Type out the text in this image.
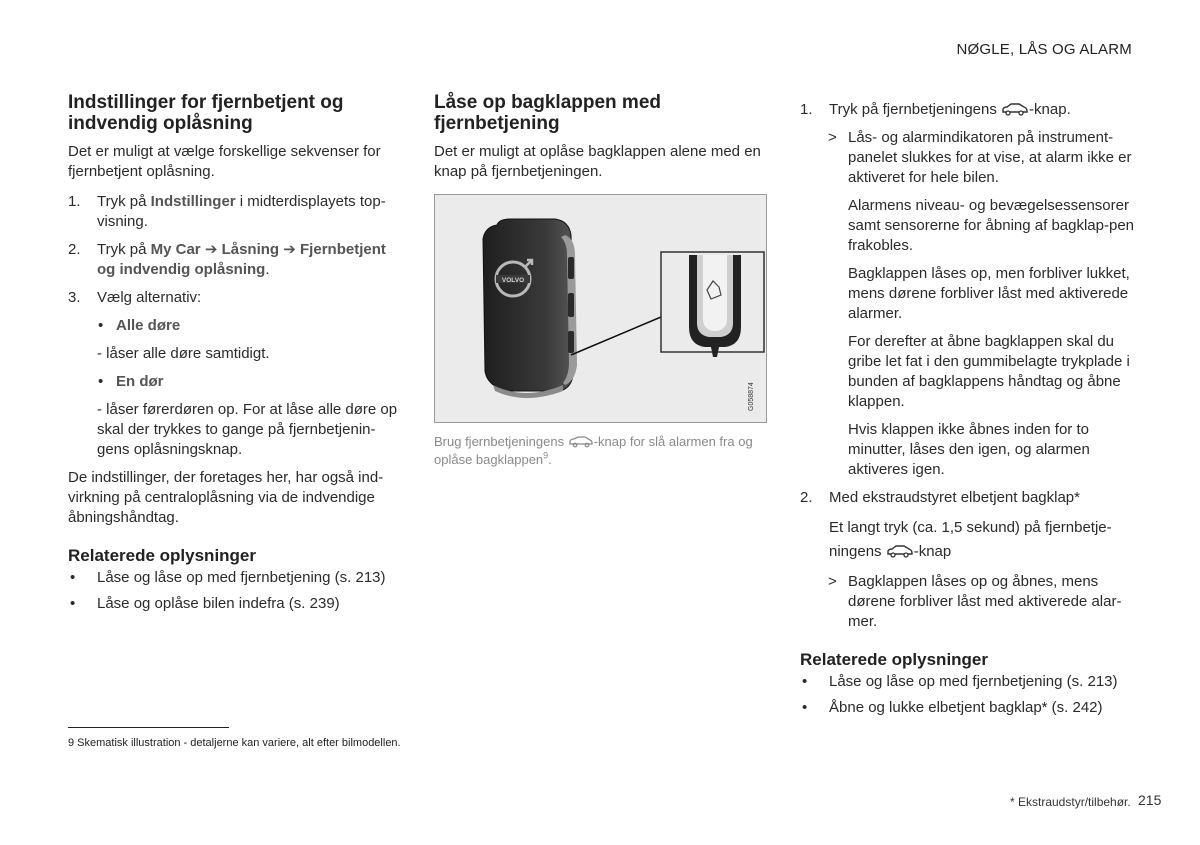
NØGLE, LÅS OG ALARM
Indstillinger for fjernbetjent og indvendig oplåsning

Det er muligt at vælge forskellige sekvenser for fjernbetjent oplåsning.

1. Tryk på Indstillinger i midterdisplayets top-visning.
2. Tryk på My Car ➔ Låsning ➔ Fjernbetjent og indvendig oplåsning.
3. Vælg alternativ:
• Alle døre

- låser alle døre samtidigt.

• En dør

- låser førerdøren op. For at låse alle døre op skal der trykkes to gange på fjernbetjenin-gens oplåsningsknap.

De indstillinger, der foretages her, har også ind-virkning på centraloplåsning via de indvendige åbningshåndtag.

Relaterede oplysninger
• Låse og låse op med fjernbetjening (s. 213)
• Låse og oplåse bilen indefra (s. 239)
Låse op bagklappen med fjernbetjening

Det er muligt at oplåse bagklappen alene med en knap på fjernbetjeningen.

VOLVO
G058874
Brug fjernbetjeningens -knap for slå alarmen fra og oplåse bagklappen$^9$.
1. Tryk på fjernbetjeningens -knap.
> Lås- og alarmindikatoren på instrument-panelet slukkes for at vise, at alarm ikke er aktiveret for hele bilen.

Alarmens niveau- og bevægelsessensorer samt sensorerne for åbning af bagklap-pen frakobles.

Bagklappen låses op, men forbliver lukket, mens dørene forbliver låst med aktiverede alarmer.

For derefter at åbne bagklappen skal du gribe let fat i den gummibelagte trykplade i bunden af bagklappens håndtag og åbne klappen.

Hvis klappen ikke åbnes inden for to minutter, låses den igen, og alarmen aktiveres igen.

2. Med ekstraudstyret elbetjent bagklap*

Et langt tryk (ca. 1,5 sekund) på fjernbetje-ningens -knap

> Bagklappen låses op og åbnes, mens dørene forbliver låst med aktiverede alar-mer.
Relaterede oplysninger
• Låse og låse op med fjernbetjening (s. 213)
• Åbne og lukke elbetjent bagklap* (s. 242)
9 Skematisk illustration - detaljerne kan variere, alt efter bilmodellen.
* Ekstraudstyr/tilbehør. 215
